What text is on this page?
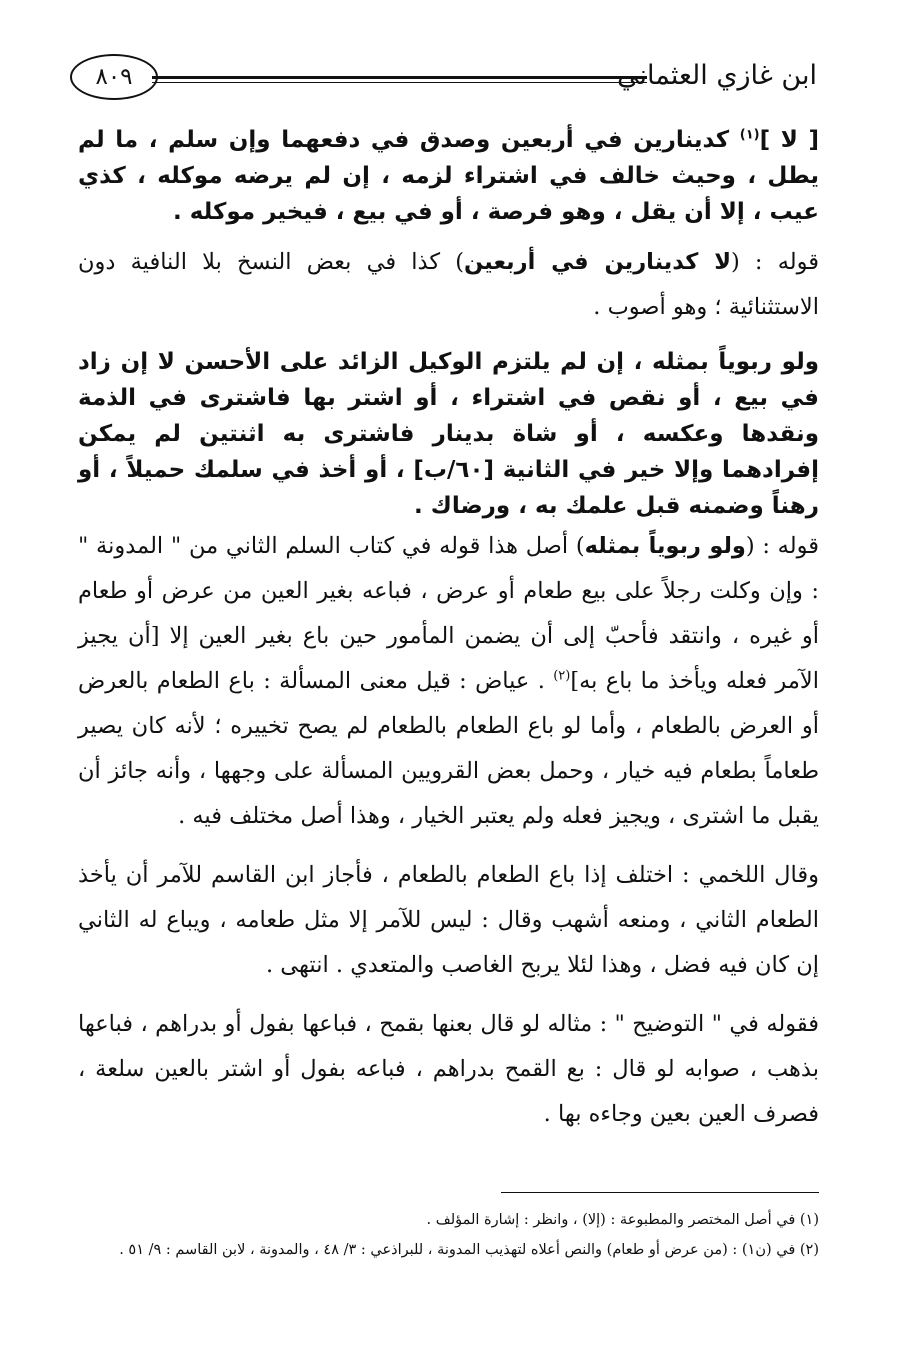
ابن غازي العثماني
٨٠٩

[ لا ]$^{(١)}$ كدينارين في أربعين وصدق في دفعهما وإن سلم ، ما لم يطل ، وحيث خالف في اشتراء لزمه ، إن لم يرضه موكله ، كذي عيب ، إلا أن يقل ، وهو فرصة ، أو في بيع ، فيخير موكله .

قوله : (لا كدينارين في أربعين) كذا في بعض النسخ بلا النافية دون الاستثنائية ؛ وهو أصوب .

ولو ربوياً بمثله ، إن لم يلتزم الوكيل الزائد على الأحسن لا إن زاد في بيع ، أو نقص في اشتراء ، أو اشتر بها فاشترى في الذمة ونقدها وعكسه ، أو شاة بدينار فاشترى به اثنتين لم يمكن إفرادهما وإلا خير في الثانية [٦٠/ب] ، أو أخذ في سلمك حميلاً ، أو رهناً وضمنه قبل علمك به ، ورضاك .

قوله : (ولو ربوياً بمثله) أصل هذا قوله في كتاب السلم الثاني من " المدونة " : وإن وكلت رجلاً على بيع طعام أو عرض ، فباعه بغير العين من عرض أو طعام أو غيره ، وانتقد فأحبّ إلى أن يضمن المأمور حين باع بغير العين إلا [أن يجيز الآمر فعله ويأخذ ما باع به]$^{(٢)}$ . عياض : قيل معنى المسألة : باع الطعام بالعرض أو العرض بالطعام ، وأما لو باع الطعام بالطعام لم يصح تخييره ؛ لأنه كان يصير طعاماً بطعام فيه خيار ، وحمل بعض القرويين المسألة على وجهها ، وأنه جائز أن يقبل ما اشترى ، ويجيز فعله ولم يعتبر الخيار ، وهذا أصل مختلف فيه .

وقال اللخمي : اختلف إذا باع الطعام بالطعام ، فأجاز ابن القاسم للآمر أن يأخذ الطعام الثاني ، ومنعه أشهب وقال : ليس للآمر إلا مثل طعامه ، ويباع له الثاني إن كان فيه فضل ، وهذا لئلا يربح الغاصب والمتعدي . انتهى .

فقوله في " التوضيح " : مثاله لو قال بعنها بقمح ، فباعها بفول أو بدراهم ، فباعها بذهب ، صوابه لو قال : بع القمح بدراهم ، فباعه بفول أو اشتر بالعين سلعة ، فصرف العين بعين وجاءه بها .

(١) في أصل المختصر والمطبوعة : (إلا) ، وانظر : إشارة المؤلف .
(٢) في (ن١) : (من عرض أو طعام) والنص أعلاه لتهذيب المدونة ، للبراذعي : ٣/ ٤٨ ، والمدونة ، لابن القاسم : ٩/ ٥١ .
